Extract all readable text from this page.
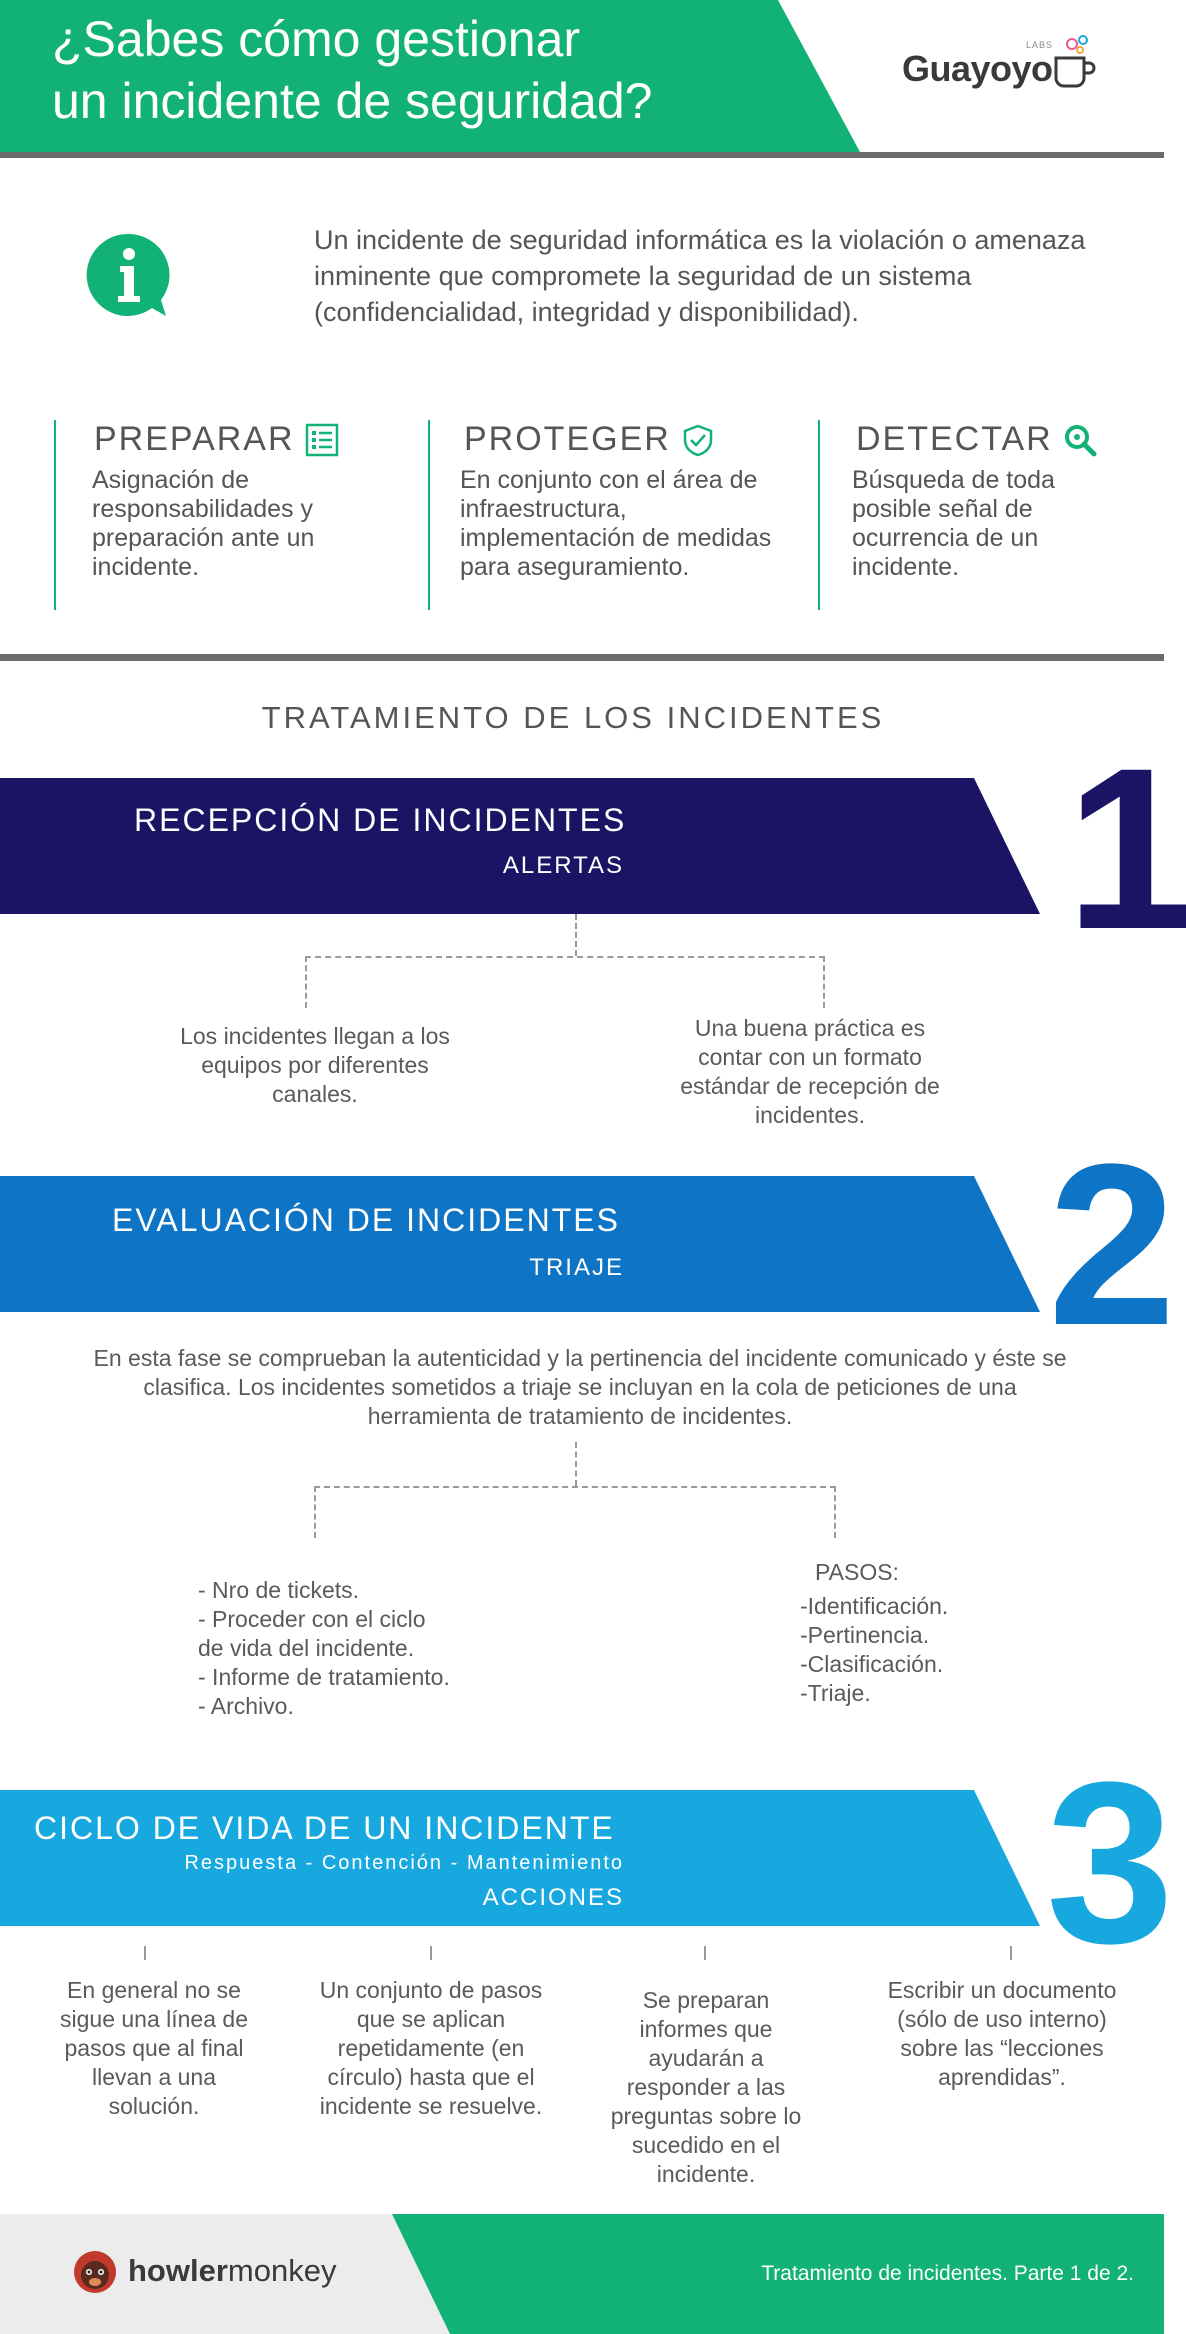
¿Sabes cómo gestionar
un incidente de seguridad?
Guayoyo
LABS
Un incidente de seguridad informática es la violación o amenaza inminente que compromete la seguridad de un sistema (confidencialidad, integridad y disponibilidad).
PREPARAR
Asignación de responsabilidades y preparación ante un incidente.
PROTEGER
En conjunto con el área de infraestructura, implementación de medidas para aseguramiento.
DETECTAR
Búsqueda de toda posible señal de ocurrencia de un incidente.
TRATAMIENTO DE LOS INCIDENTES
RECEPCIÓN DE INCIDENTES
ALERTAS 1
Los incidentes llegan a los equipos por diferentes canales.
Una buena práctica es contar con un formato estándar de recepción de incidentes.
EVALUACIÓN DE INCIDENTES
TRIAJE 2
En esta fase se comprueban la autenticidad y la pertinencia del incidente comunicado y éste se clasifica. Los incidentes sometidos a triaje se incluyan en la cola de peticiones de una herramienta de tratamiento de incidentes.
- Nro de tickets.
- Proceder con el ciclo
de vida del incidente.
- Informe de tratamiento.
- Archivo.
PASOS:
-Identificación.
-Pertinencia.
-Clasificación.
-Triaje.
CICLO DE VIDA DE UN INCIDENTE
Respuesta - Contención - Mantenimiento
ACCIONES 3
En general no se sigue una línea de pasos que al final llevan a una solución.
Un conjunto de pasos que se aplican repetidamente (en círculo) hasta que el incidente se resuelve.
Se preparan informes que ayudarán a responder a las preguntas sobre lo sucedido en el incidente.
Escribir un documento (sólo de uso interno) sobre las “lecciones aprendidas”.
howlermonkey	Tratamiento de incidentes. Parte 1 de 2.
